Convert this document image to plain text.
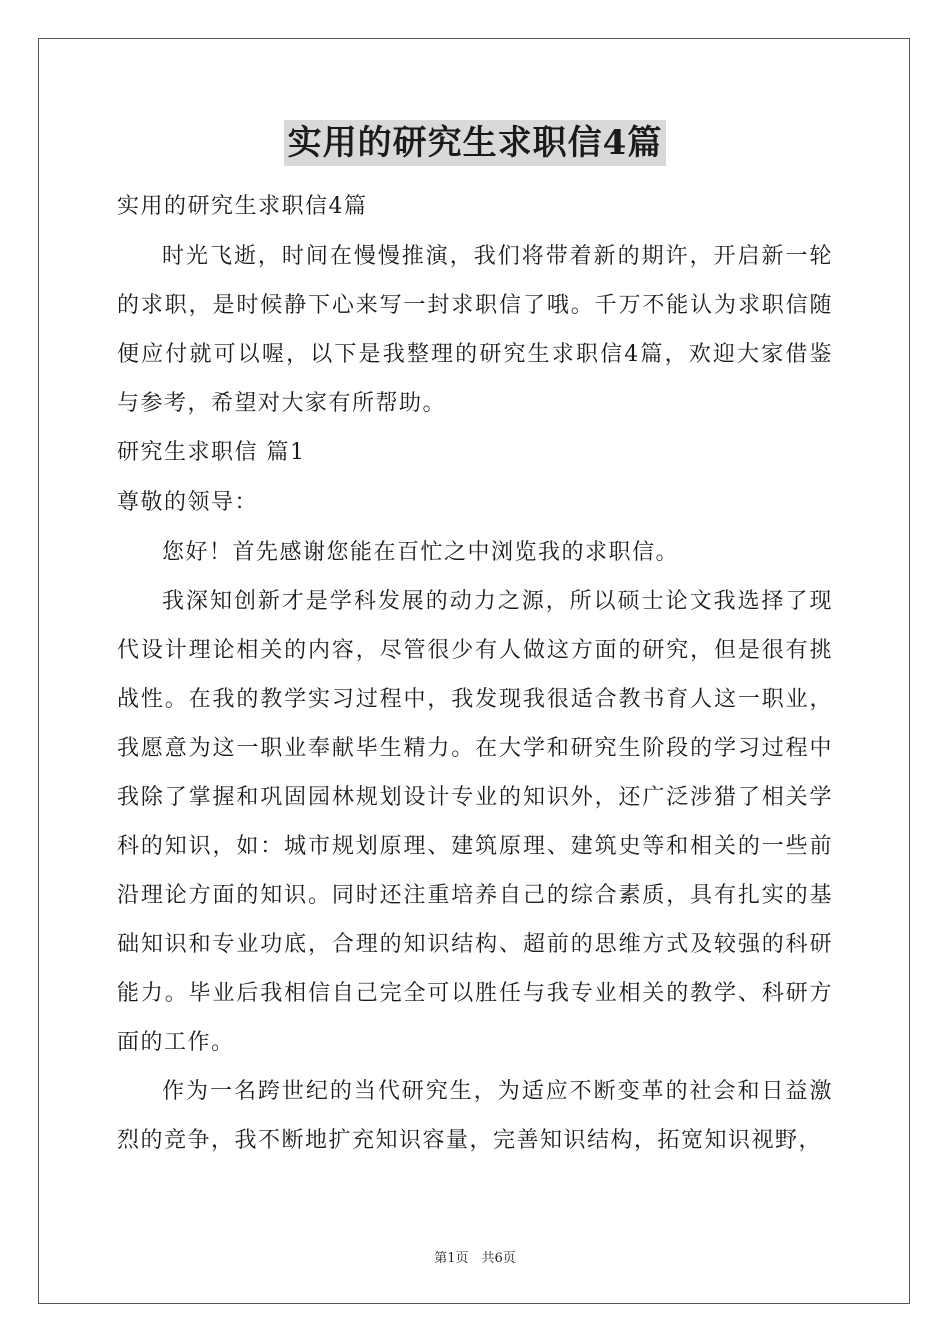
实用的研究生求职信4篇

实用的研究生求职信4篇

时光飞逝，时间在慢慢推演，我们将带着新的期许，开启新一轮的求职，是时候静下心来写一封求职信了哦。千万不能认为求职信随便应付就可以喔，以下是我整理的研究生求职信4篇，欢迎大家借鉴与参考，希望对大家有所帮助。

研究生求职信 篇1

尊敬的领导：

您好！首先感谢您能在百忙之中浏览我的求职信。

我深知创新才是学科发展的动力之源，所以硕士论文我选择了现代设计理论相关的内容，尽管很少有人做这方面的研究，但是很有挑战性。在我的教学实习过程中，我发现我很适合教书育人这一职业，我愿意为这一职业奉献毕生精力。在大学和研究生阶段的学习过程中我除了掌握和巩固园林规划设计专业的知识外，还广泛涉猎了相关学科的知识，如：城市规划原理、建筑原理、建筑史等和相关的一些前沿理论方面的知识。同时还注重培养自己的综合素质，具有扎实的基础知识和专业功底，合理的知识结构、超前的思维方式及较强的科研能力。毕业后我相信自己完全可以胜任与我专业相关的教学、科研方面的工作。

作为一名跨世纪的当代研究生，为适应不断变革的社会和日益激烈的竞争，我不断地扩充知识容量，完善知识结构，拓宽知识视野，

第1页　共6页
